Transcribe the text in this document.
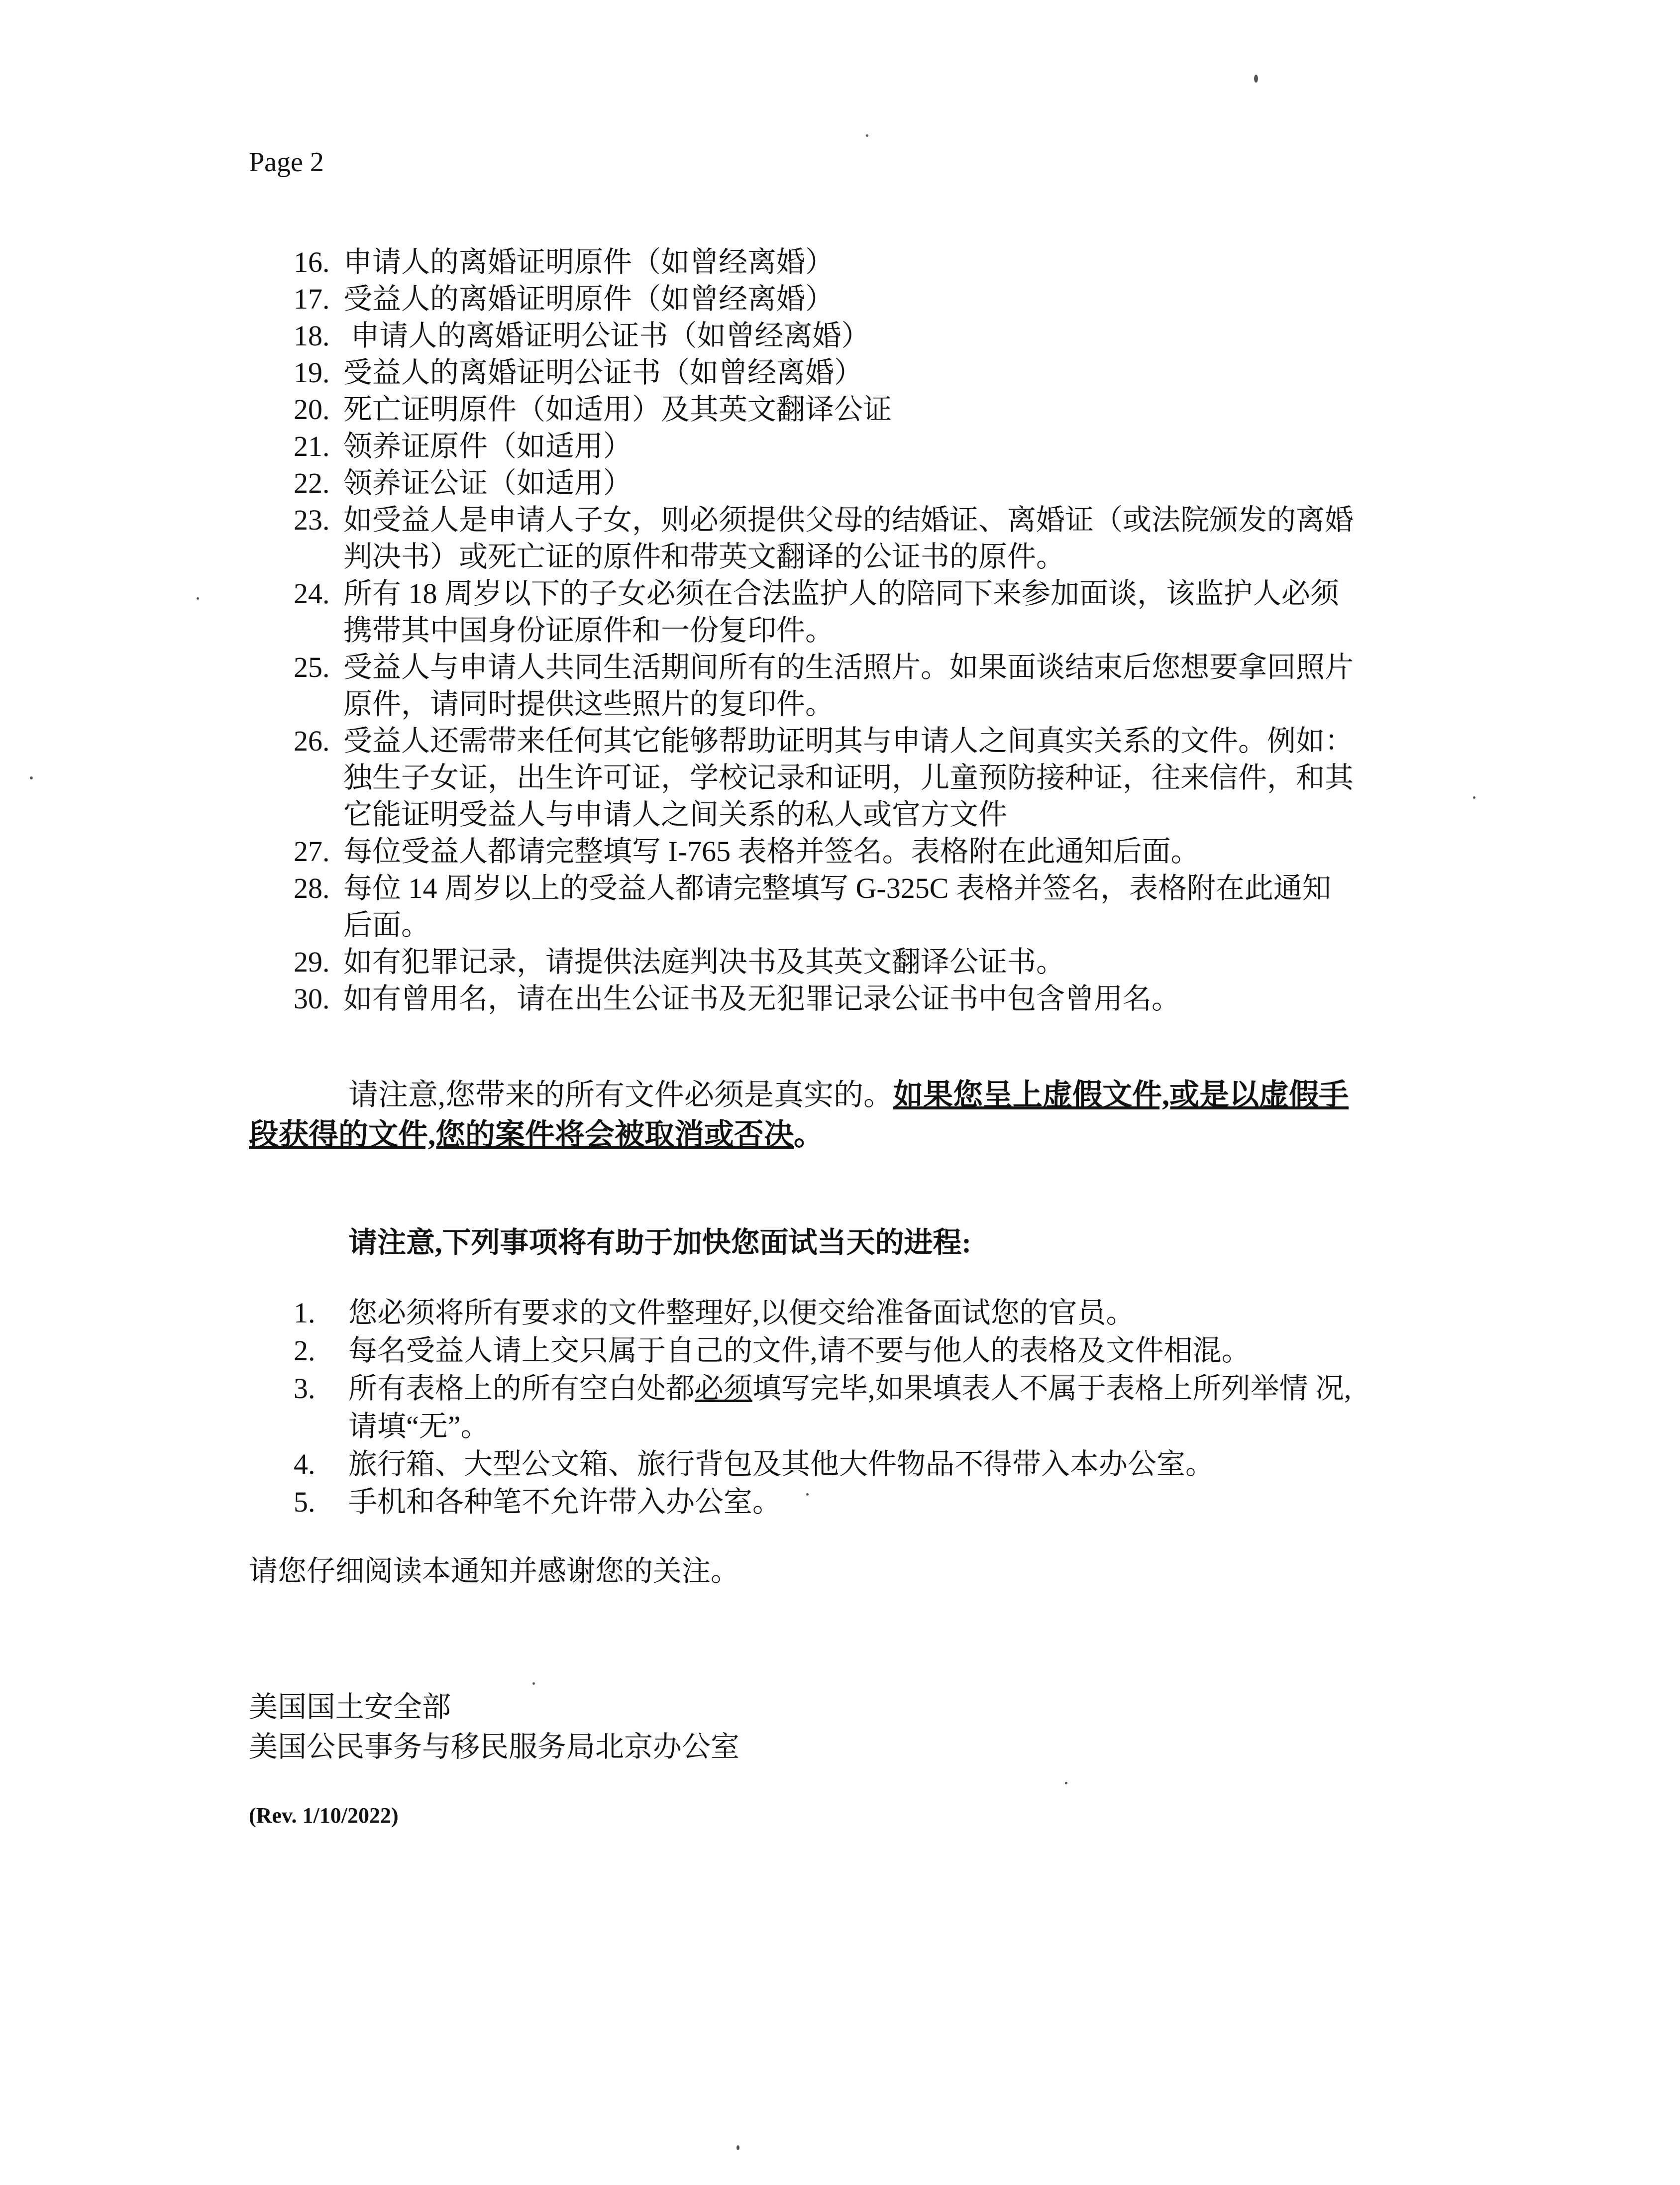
Page 2
16. 申请人的离婚证明原件（如曾经离婚）
17. 受益人的离婚证明原件（如曾经离婚）
18. 申请人的离婚证明公证书（如曾经离婚）
19. 受益人的离婚证明公证书（如曾经离婚）
20. 死亡证明原件（如适用）及其英文翻译公证
21. 领养证原件（如适用）
22. 领养证公证（如适用）
23. 如受益人是申请人子女，则必须提供父母的结婚证、离婚证（或法院颁发的离婚判决书）或死亡证的原件和带英文翻译的公证书的原件。
24. 所有 18 周岁以下的子女必须在合法监护人的陪同下来参加面谈，该监护人必须携带其中国身份证原件和一份复印件。
25. 受益人与申请人共同生活期间所有的生活照片。如果面谈结束后您想要拿回照片原件，请同时提供这些照片的复印件。
26. 受益人还需带来任何其它能够帮助证明其与申请人之间真实关系的文件。例如：独生子女证，出生许可证，学校记录和证明，儿童预防接种证，往来信件，和其它能证明受益人与申请人之间关系的私人或官方文件
27. 每位受益人都请完整填写 I-765 表格并签名。表格附在此通知后面。
28. 每位 14 周岁以上的受益人都请完整填写 G-325C 表格并签名，表格附在此通知后面。
29. 如有犯罪记录，请提供法庭判决书及其英文翻译公证书。
30. 如有曾用名，请在出生公证书及无犯罪记录公证书中包含曾用名。
请注意,您带来的所有文件必须是真实的。如果您呈上虚假文件,或是以虚假手段获得的文件,您的案件将会被取消或否决。
请注意,下列事项将有助于加快您面试当天的进程:
1. 您必须将所有要求的文件整理好,以便交给准备面试您的官员。
2. 每名受益人请上交只属于自己的文件,请不要与他人的表格及文件相混。
3. 所有表格上的所有空白处都必须填写完毕,如果填表人不属于表格上所列举情 况,请填“无”。
4. 旅行箱、大型公文箱、旅行背包及其他大件物品不得带入本办公室。
5. 手机和各种笔不允许带入办公室。
请您仔细阅读本通知并感谢您的关注。
美国国土安全部
美国公民事务与移民服务局北京办公室
(Rev. 1/10/2022)
